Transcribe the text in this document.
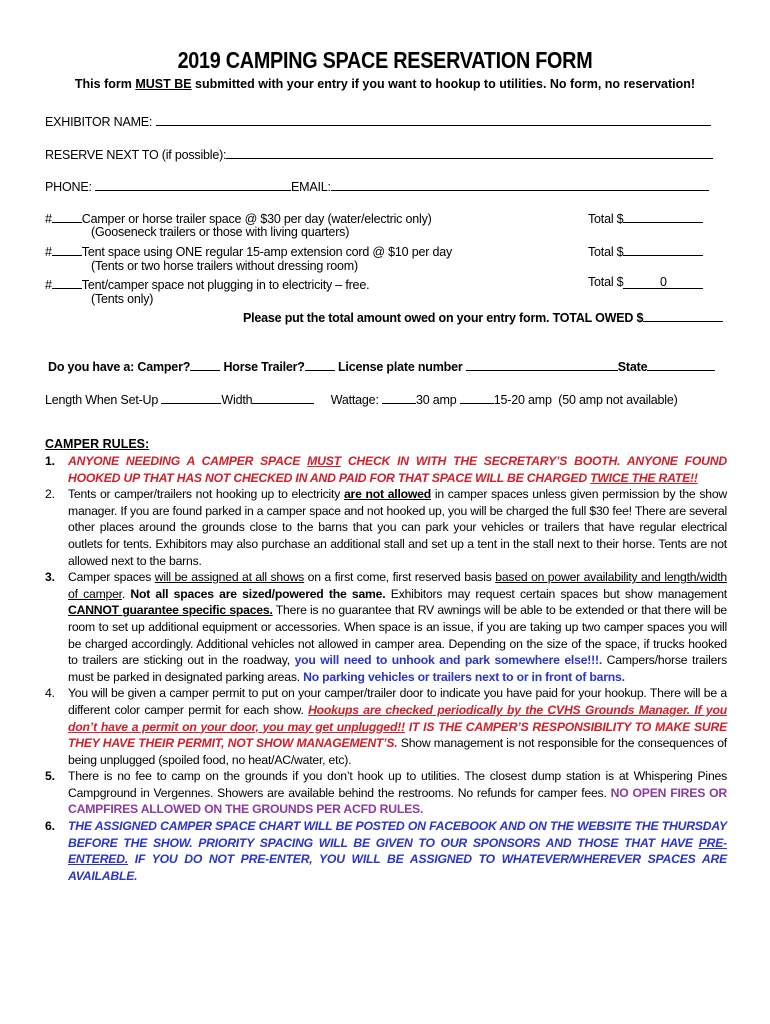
2019 CAMPING SPACE RESERVATION FORM
This form MUST BE submitted with your entry if you want to hookup to utilities. No form, no reservation!
EXHIBITOR NAME:
RESERVE NEXT TO (if possible):
PHONE:	EMAIL:
# Camper or horse trailer space @ $30 per day (water/electric only)
(Gooseneck trailers or those with living quarters)
Total $
# Tent space using ONE regular 15-amp extension cord @ $10 per day
(Tents or two horse trailers without dressing room)
Total $
# Tent/camper space not plugging in to electricity – free.
(Tents only)
Total $	0
Please put the total amount owed on your entry form. TOTAL OWED $
Do you have a: Camper?	Horse Trailer?	License plate number	State
Length When Set-Up	Width	Wattage:	30 amp	15-20 amp (50 amp not available)
CAMPER RULES:
1. ANYONE NEEDING A CAMPER SPACE MUST CHECK IN WITH THE SECRETARY’S BOOTH. ANYONE FOUND HOOKED UP THAT HAS NOT CHECKED IN AND PAID FOR THAT SPACE WILL BE CHARGED TWICE THE RATE!!
2. Tents or camper/trailers not hooking up to electricity are not allowed in camper spaces unless given permission by the show manager. If you are found parked in a camper space and not hooked up, you will be charged the full $30 fee! There are several other places around the grounds close to the barns that you can park your vehicles or trailers that have regular electrical outlets for tents. Exhibitors may also purchase an additional stall and set up a tent in the stall next to their horse. Tents are not allowed next to the barns.
3. Camper spaces will be assigned at all shows on a first come, first reserved basis based on power availability and length/width of camper. Not all spaces are sized/powered the same. Exhibitors may request certain spaces but show management CANNOT guarantee specific spaces. There is no guarantee that RV awnings will be able to be extended or that there will be room to set up additional equipment or accessories. When space is an issue, if you are taking up two camper spaces you will be charged accordingly. Additional vehicles not allowed in camper area. Depending on the size of the space, if trucks hooked to trailers are sticking out in the roadway, you will need to unhook and park somewhere else!!!. Campers/horse trailers must be parked in designated parking areas. No parking vehicles or trailers next to or in front of barns.
4. You will be given a camper permit to put on your camper/trailer door to indicate you have paid for your hookup. There will be a different color camper permit for each show. Hookups are checked periodically by the CVHS Grounds Manager. If you don’t have a permit on your door, you may get unplugged!! IT IS THE CAMPER’S RESPONSIBILITY TO MAKE SURE THEY HAVE THEIR PERMIT, NOT SHOW MANAGEMENT’S. Show management is not responsible for the consequences of being unplugged (spoiled food, no heat/AC/water, etc).
5. There is no fee to camp on the grounds if you don’t hook up to utilities. The closest dump station is at Whispering Pines Campground in Vergennes. Showers are available behind the restrooms. No refunds for camper fees. NO OPEN FIRES OR CAMPFIRES ALLOWED ON THE GROUNDS PER ACFD RULES.
6. THE ASSIGNED CAMPER SPACE CHART WILL BE POSTED ON FACEBOOK AND ON THE WEBSITE THE THURSDAY BEFORE THE SHOW. PRIORITY SPACING WILL BE GIVEN TO OUR SPONSORS AND THOSE THAT HAVE PRE-ENTERED. IF YOU DO NOT PRE-ENTER, YOU WILL BE ASSIGNED TO WHATEVER/WHEREVER SPACES ARE AVAILABLE.
